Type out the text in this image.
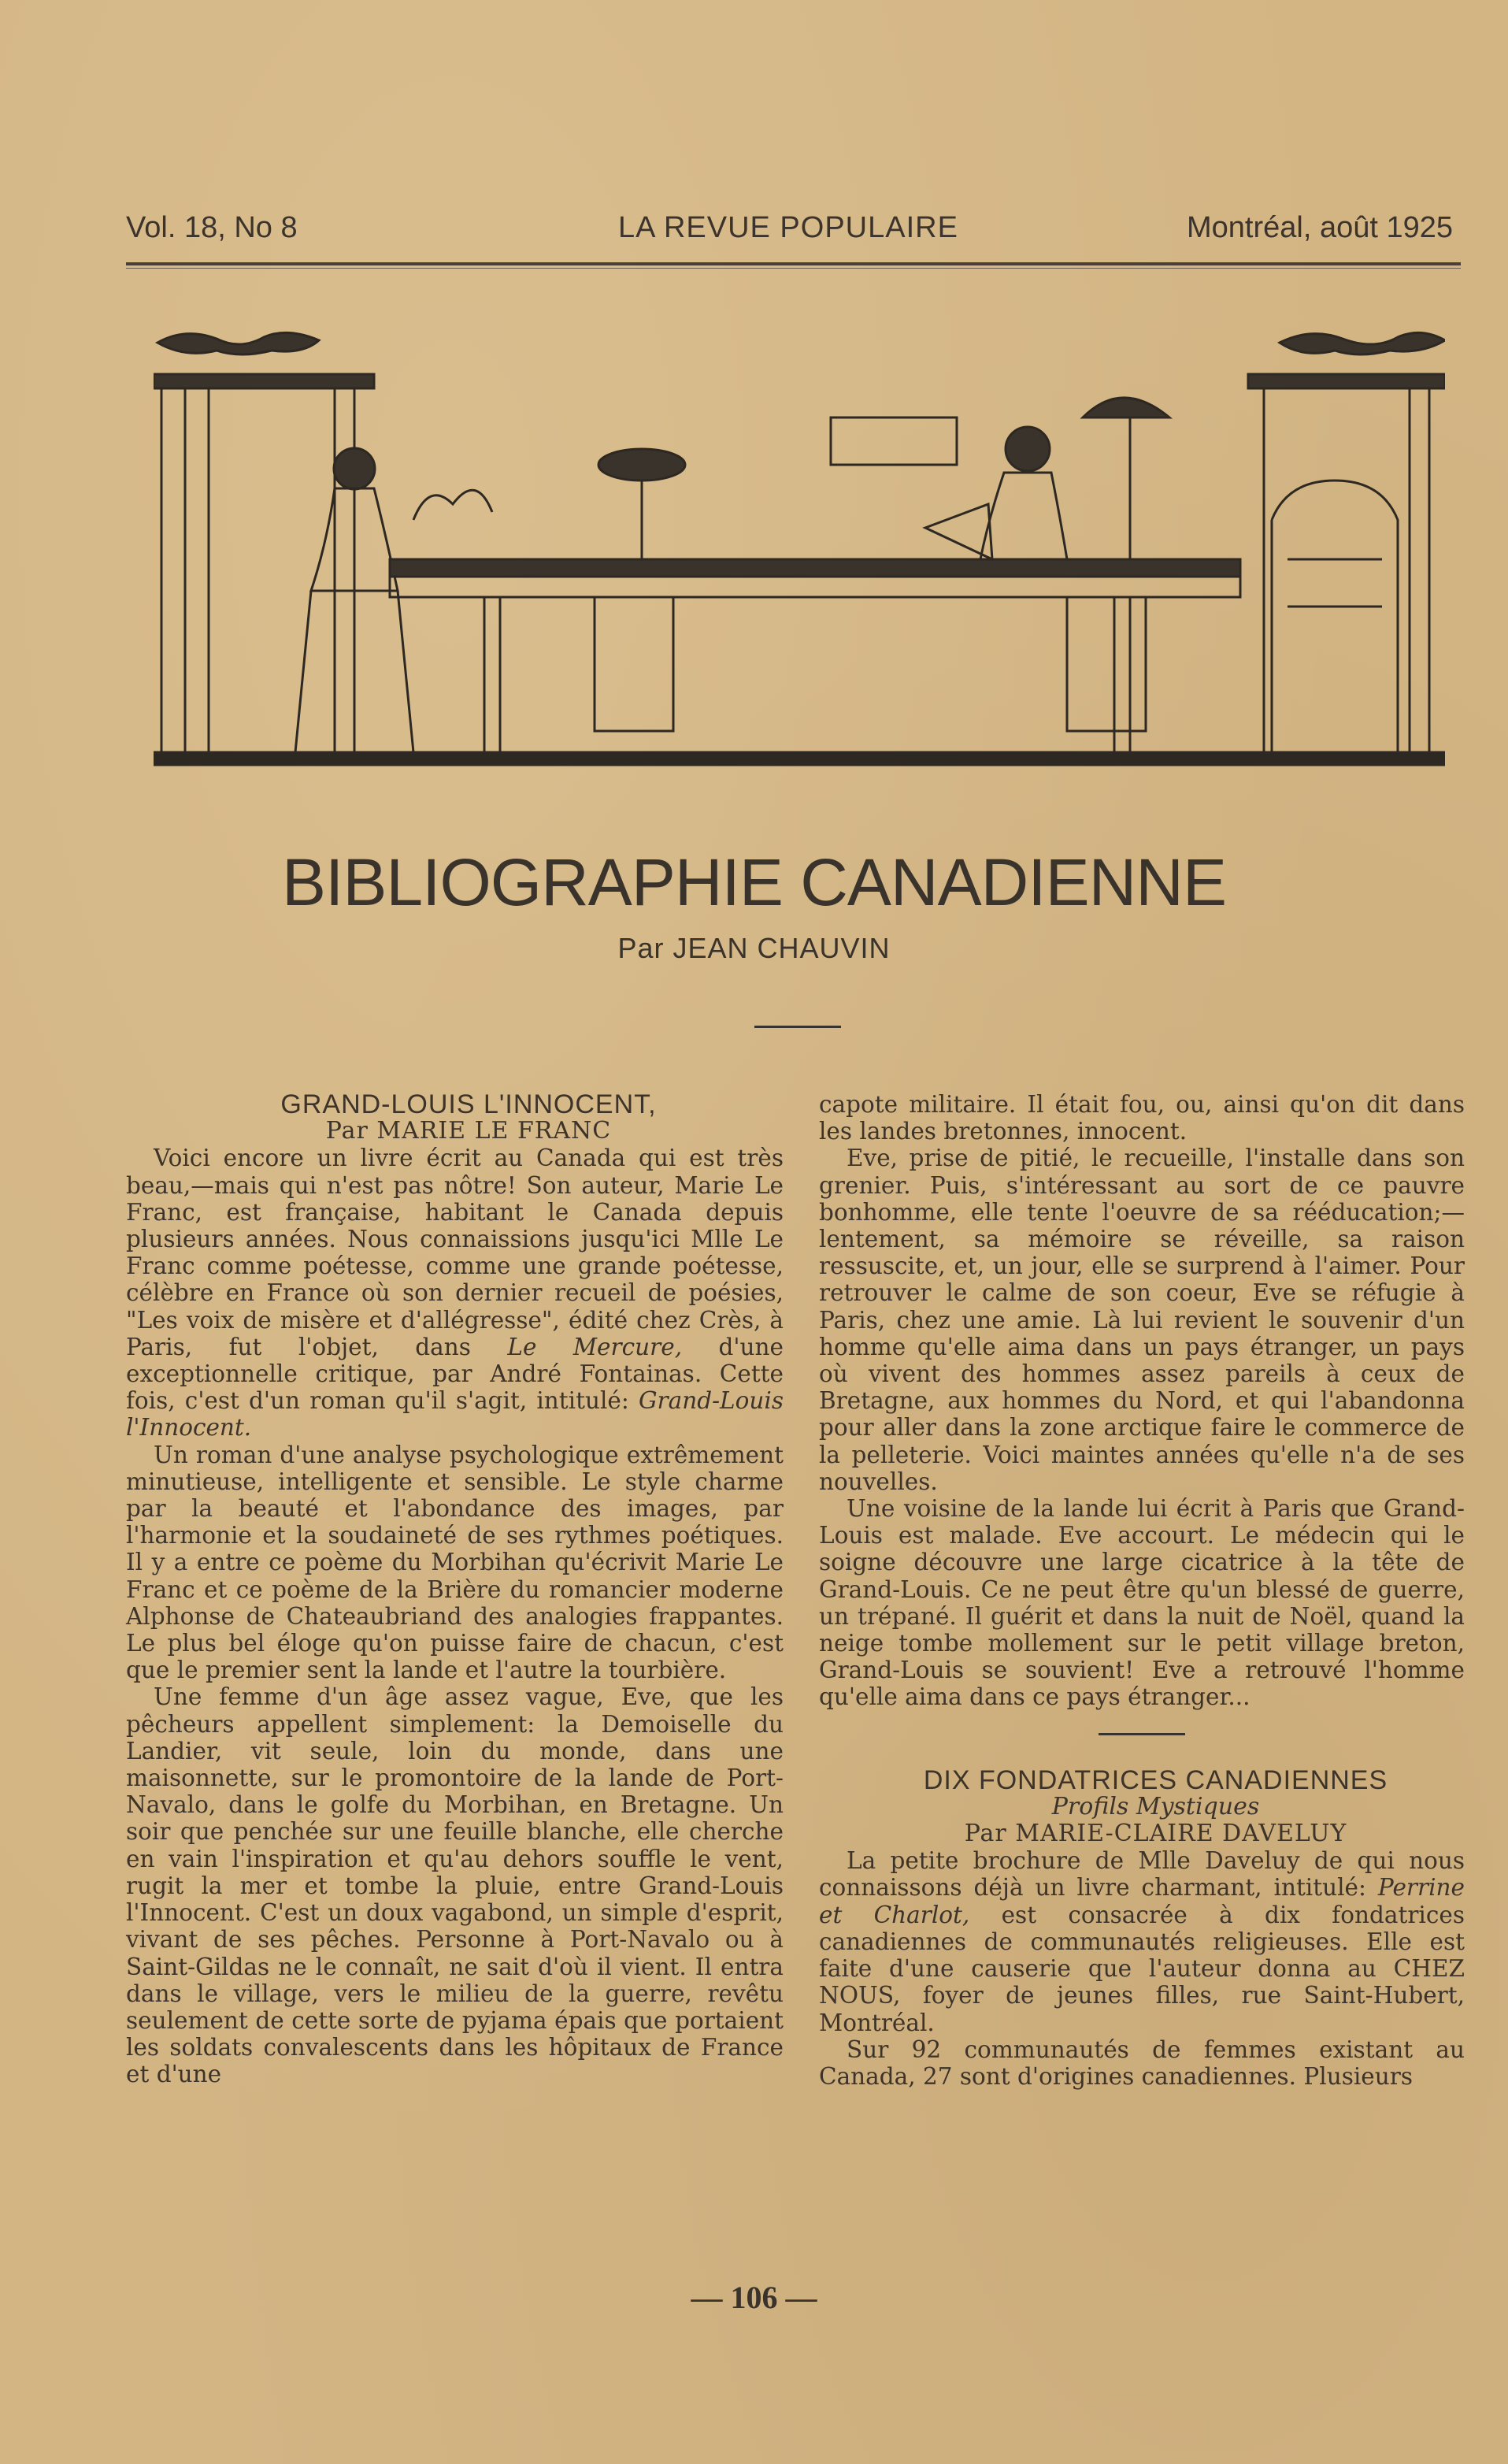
Vol. 18, No 8	LA REVUE POPULAIRE	Montréal, août 1925
BIBLIOGRAPHIE CANADIENNE
Par JEAN CHAUVIN

GRAND-LOUIS L'INNOCENT,

Par MARIE LE FRANC

Voici encore un livre écrit au Canada qui est très beau,—mais qui n'est pas nôtre! Son auteur, Marie Le Franc, est française, habitant le Canada depuis plusieurs années. Nous connaissions jusqu'ici Mlle Le Franc comme poétesse, comme une grande poétesse, célèbre en France où son dernier recueil de poésies, "Les voix de misère et d'allégresse", édité chez Crès, à Paris, fut l'objet, dans Le Mercure, d'une exceptionnelle critique, par André Fontainas. Cette fois, c'est d'un roman qu'il s'agit, intitulé: Grand-Louis l'Innocent.

Un roman d'une analyse psychologique extrêmement minutieuse, intelligente et sensible. Le style charme par la beauté et l'abondance des images, par l'harmonie et la soudaineté de ses rythmes poétiques. Il y a entre ce poème du Morbihan qu'écrivit Marie Le Franc et ce poème de la Brière du romancier moderne Alphonse de Chateaubriand des analogies frappantes. Le plus bel éloge qu'on puisse faire de chacun, c'est que le premier sent la lande et l'autre la tourbière.

Une femme d'un âge assez vague, Eve, que les pêcheurs appellent simplement: la Demoiselle du Landier, vit seule, loin du monde, dans une maisonnette, sur le promontoire de la lande de Port-Navalo, dans le golfe du Morbihan, en Bretagne. Un soir que penchée sur une feuille blanche, elle cherche en vain l'inspiration et qu'au dehors souffle le vent, rugit la mer et tombe la pluie, entre Grand-Louis l'Innocent. C'est un doux vagabond, un simple d'esprit, vivant de ses pêches. Personne à Port-Navalo ou à Saint-Gildas ne le connaît, ne sait d'où il vient. Il entra dans le village, vers le milieu de la guerre, revêtu seulement de cette sorte de pyjama épais que portaient les soldats convalescents dans les hôpitaux de France et d'une

capote militaire. Il était fou, ou, ainsi qu'on dit dans les landes bretonnes, innocent.

Eve, prise de pitié, le recueille, l'installe dans son grenier. Puis, s'intéressant au sort de ce pauvre bonhomme, elle tente l'oeuvre de sa rééducation;—lentement, sa mémoire se réveille, sa raison ressuscite, et, un jour, elle se surprend à l'aimer. Pour retrouver le calme de son coeur, Eve se réfugie à Paris, chez une amie. Là lui revient le souvenir d'un homme qu'elle aima dans un pays étranger, un pays où vivent des hommes assez pareils à ceux de Bretagne, aux hommes du Nord, et qui l'abandonna pour aller dans la zone arctique faire le commerce de la pelleterie. Voici maintes années qu'elle n'a de ses nouvelles.

Une voisine de la lande lui écrit à Paris que Grand-Louis est malade. Eve accourt. Le médecin qui le soigne découvre une large cicatrice à la tête de Grand-Louis. Ce ne peut être qu'un blessé de guerre, un trépané. Il guérit et dans la nuit de Noël, quand la neige tombe mollement sur le petit village breton, Grand-Louis se souvient! Eve a retrouvé l'homme qu'elle aima dans ce pays étranger...

DIX FONDATRICES CANADIENNES

Profils Mystiques

Par MARIE-CLAIRE DAVELUY

La petite brochure de Mlle Daveluy de qui nous connaissons déjà un livre charmant, intitulé: Perrine et Charlot, est consacrée à dix fondatrices canadiennes de communautés religieuses. Elle est faite d'une causerie que l'auteur donna au CHEZ NOUS, foyer de jeunes filles, rue Saint-Hubert, Montréal.

Sur 92 communautés de femmes existant au Canada, 27 sont d'origines canadiennes. Plusieurs

— 106 —
